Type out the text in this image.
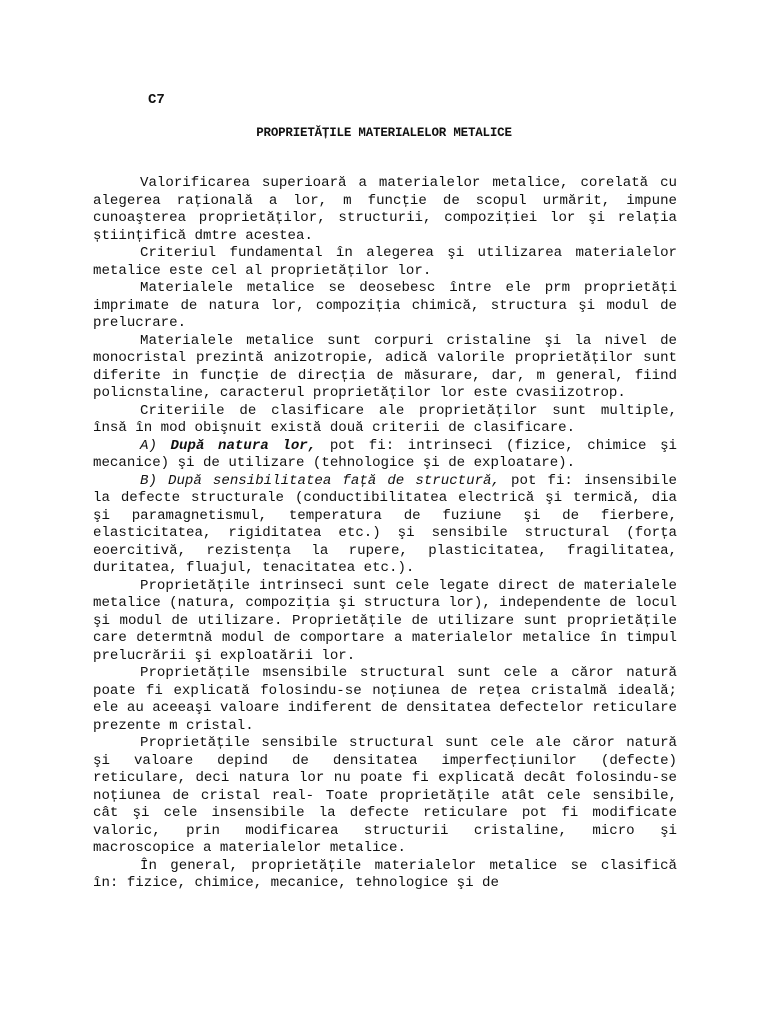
C7

PROPRIETĂȚILE MATERIALELOR METALICE

Valorificarea superioară a materialelor metalice, corelată cu alegerea rațională a lor, m funcție de scopul urmărit, impune cunoaşterea proprietăților, structurii, compoziției lor şi relația științifică dmtre acestea.

Criteriul fundamental în alegerea şi utilizarea materialelor metalice este cel al proprietăților lor.

Materialele metalice se deosebesc între ele prm proprietăți imprimate de natura lor, compoziția chimică, structura şi modul de prelucrare.

Materialele metalice sunt corpuri cristaline şi la nivel de monocristal prezintă anizotropie, adică valorile proprietăților sunt diferite in funcție de direcția de măsurare, dar, m general, fiind policnstaline, caracterul proprietăților lor este cvasiizotrop.

Criteriile de clasificare ale proprietăților sunt multiple, însă în mod obişnuit există două criterii de clasificare.

A) După natura lor, pot fi: intrinseci (fizice, chimice şi mecanice) şi de utilizare (tehnologice şi de exploatare).

B) După sensibilitatea față de structură, pot fi: insensibile la defecte structurale (conductibilitatea electrică şi termică, dia şi paramagnetismul, temperatura de fuziune şi de fierbere, elasticitatea, rigiditatea etc.) şi sensibile structural (forța eoercitivă, rezistența la rupere, plasticitatea, fragilitatea, duritatea, fluajul, tenacitatea etc.).

Proprietățile intrinseci sunt cele legate direct de materialele metalice (natura, compoziția şi structura lor), independente de locul şi modul de utilizare. Proprietățile de utilizare sunt proprietățile care determtnă modul de comportare a materialelor metalice în timpul prelucrării şi exploatării lor.

Proprietățile msensibile structural sunt cele a căror natură poate fi explicată folosindu-se noțiunea de rețea cristalmă ideală; ele au aceeaşi valoare indiferent de densitatea defectelor reticulare prezente m cristal.

Proprietățile sensibile structural sunt cele ale căror natură şi valoare depind de densitatea imperfecțiunilor (defecte) reticulare, deci natura lor nu poate fi explicată decât folosindu-se noțiunea de cristal real- Toate proprietățile atât cele sensibile, cât şi cele insensibile la defecte reticulare pot fi modificate valoric, prin modificarea structurii cristaline, micro şi macroscopice a materialelor metalice.

În general, proprietățile materialelor metalice se clasifică în: fizice, chimice, mecanice, tehnologice şi de
